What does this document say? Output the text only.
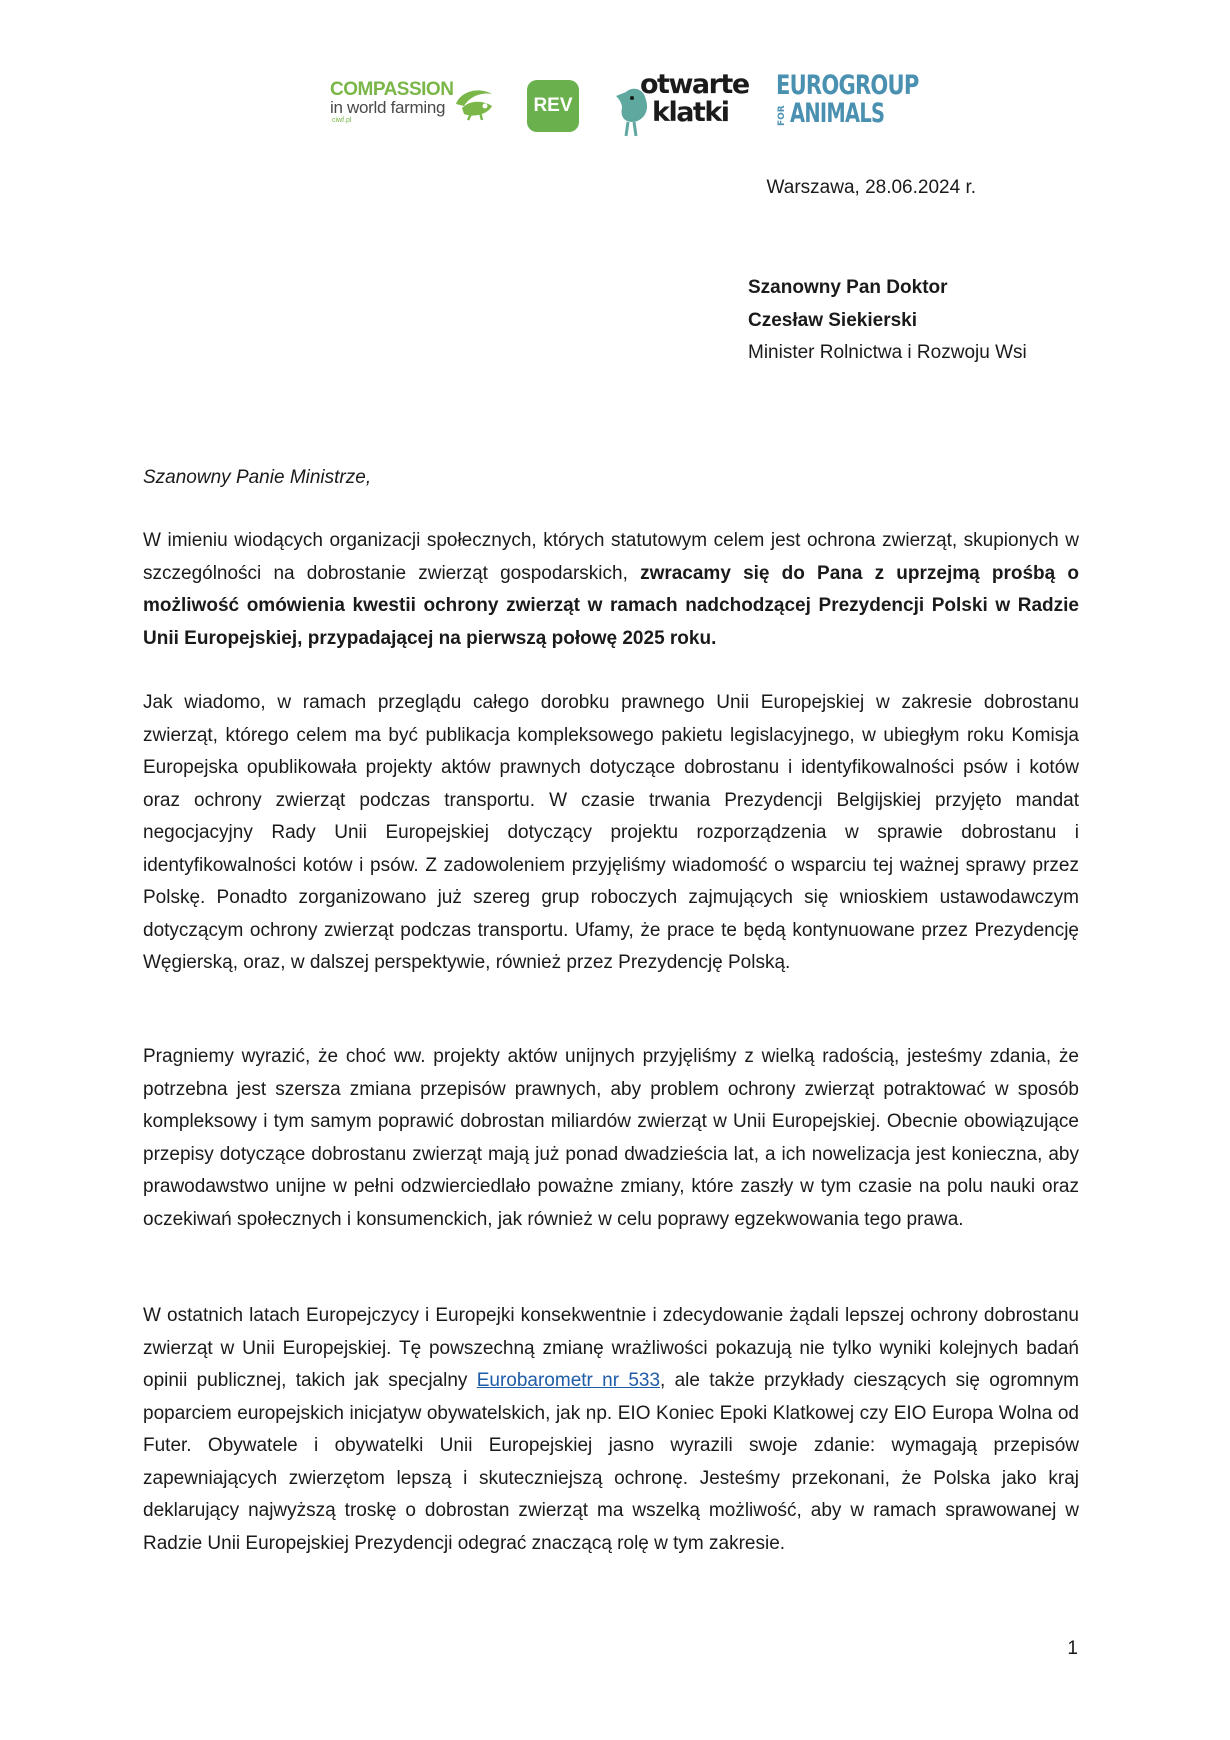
COMPASSION
in world farming
ciwf.pl
REV
otwarte
klatki
EUROGROUP
FOR ANIMALS
Warszawa, 28.06.2024 r.
Szanowny Pan Doktor
Czesław Siekierski
Minister Rolnictwa i Rozwoju Wsi
Szanowny Panie Ministrze,

W imieniu wiodących organizacji społecznych, których statutowym celem jest ochrona zwierząt, skupionych w szczególności na dobrostanie zwierząt gospodarskich, zwracamy się do Pana z uprzejmą prośbą o możliwość omówienia kwestii ochrony zwierząt w ramach nadchodzącej Prezydencji Polski w Radzie Unii Europejskiej, przypadającej na pierwszą połowę 2025 roku.

Jak wiadomo, w ramach przeglądu całego dorobku prawnego Unii Europejskiej w zakresie dobrostanu zwierząt, którego celem ma być publikacja kompleksowego pakietu legislacyjnego, w ubiegłym roku Komisja Europejska opublikowała projekty aktów prawnych dotyczące dobrostanu i identyfikowalności psów i kotów oraz ochrony zwierząt podczas transportu. W czasie trwania Prezydencji Belgijskiej przyjęto mandat negocjacyjny Rady Unii Europejskiej dotyczący projektu rozporządzenia w sprawie dobrostanu i identyfikowalności kotów i psów. Z zadowoleniem przyjęliśmy wiadomość o wsparciu tej ważnej sprawy przez Polskę. Ponadto zorganizowano już szereg grup roboczych zajmujących się wnioskiem ustawodawczym dotyczącym ochrony zwierząt podczas transportu. Ufamy, że prace te będą kontynuowane przez Prezydencję Węgierską, oraz, w dalszej perspektywie, również przez Prezydencję Polską.

Pragniemy wyrazić, że choć ww. projekty aktów unijnych przyjęliśmy z wielką radością, jesteśmy zdania, że potrzebna jest szersza zmiana przepisów prawnych, aby problem ochrony zwierząt potraktować w sposób kompleksowy i tym samym poprawić dobrostan miliardów zwierząt w Unii Europejskiej. Obecnie obowiązujące przepisy dotyczące dobrostanu zwierząt mają już ponad dwadzieścia lat, a ich nowelizacja jest konieczna, aby prawodawstwo unijne w pełni odzwierciedlało poważne zmiany, które zaszły w tym czasie na polu nauki oraz oczekiwań społecznych i konsumenckich, jak również w celu poprawy egzekwowania tego prawa.

W ostatnich latach Europejczycy i Europejki konsekwentnie i zdecydowanie żądali lepszej ochrony dobrostanu zwierząt w Unii Europejskiej. Tę powszechną zmianę wrażliwości pokazują nie tylko wyniki kolejnych badań opinii publicznej, takich jak specjalny Eurobarometr nr 533, ale także przykłady cieszących się ogromnym poparciem europejskich inicjatyw obywatelskich, jak np. EIO Koniec Epoki Klatkowej czy EIO Europa Wolna od Futer. Obywatele i obywatelki Unii Europejskiej jasno wyrazili swoje zdanie: wymagają przepisów zapewniających zwierzętom lepszą i skuteczniejszą ochronę. Jesteśmy przekonani, że Polska jako kraj deklarujący najwyższą troskę o dobrostan zwierząt ma wszelką możliwość, aby w ramach sprawowanej w Radzie Unii Europejskiej Prezydencji odegrać znaczącą rolę w tym zakresie.

1
